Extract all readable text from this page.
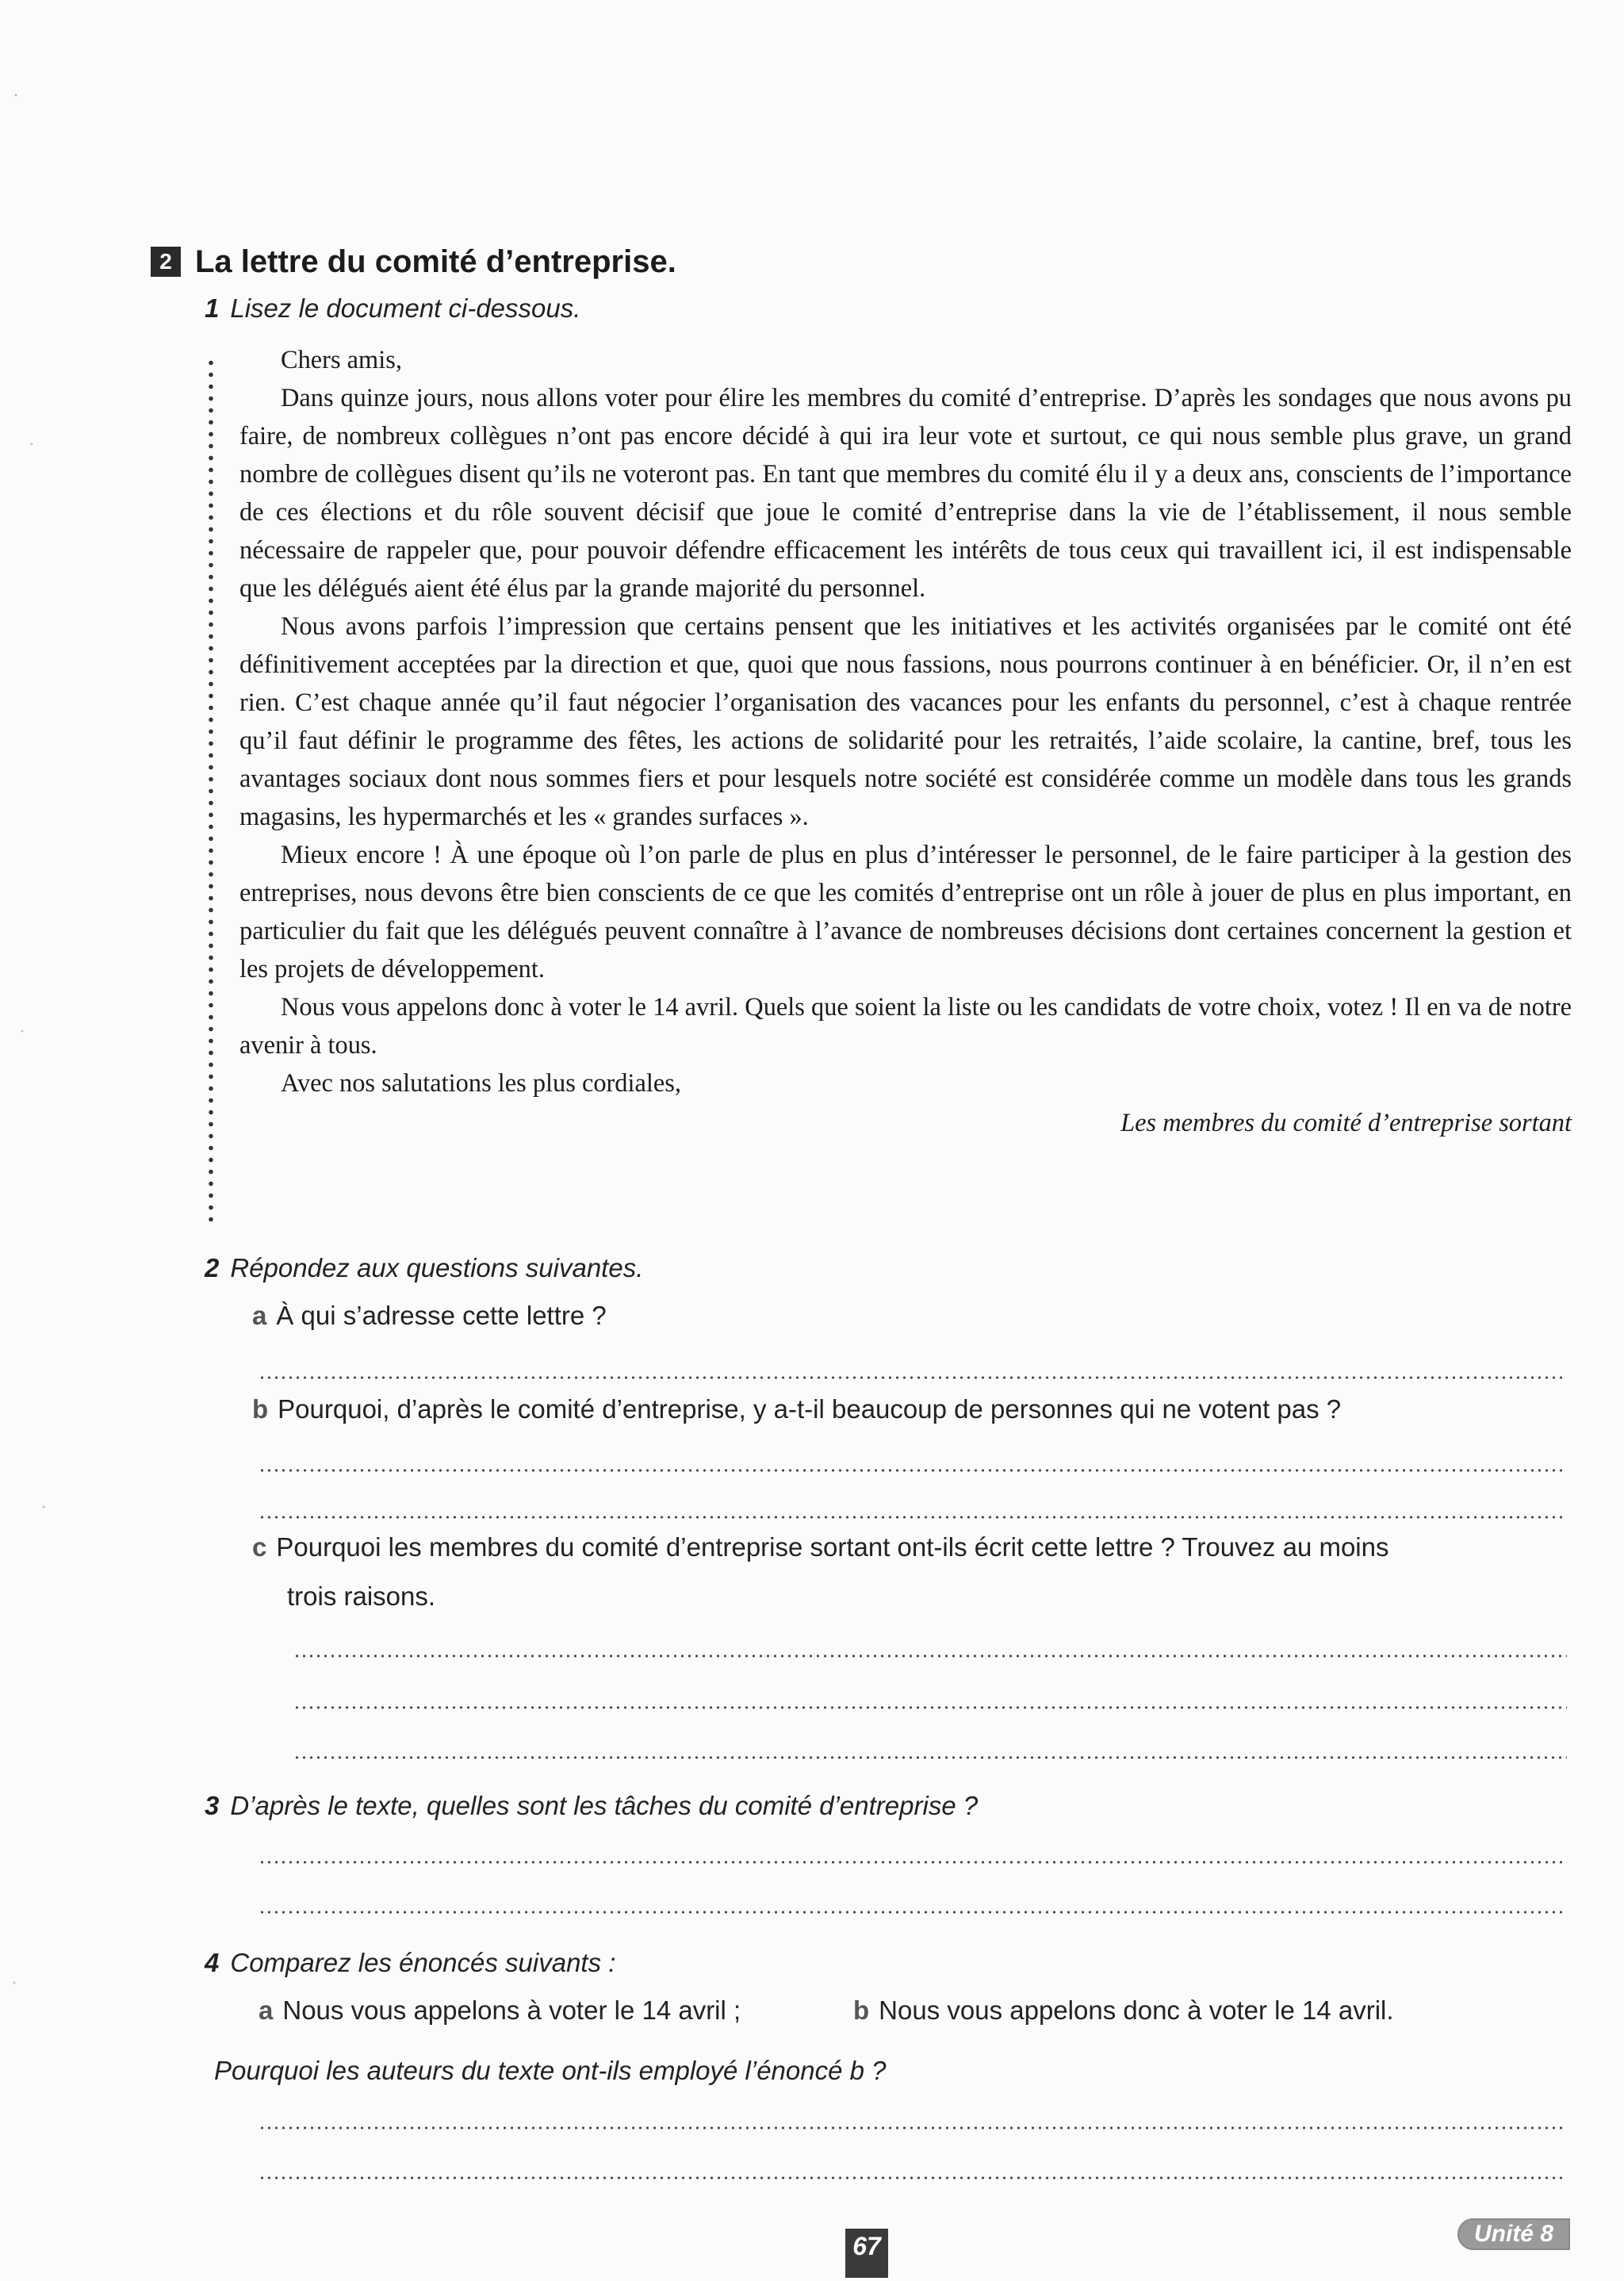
2 La lettre du comité d’entreprise.
1 Lisez le document ci-dessous.

Chers amis,

Dans quinze jours, nous allons voter pour élire les membres du comité d’entreprise. D’après les sondages que nous avons pu faire, de nombreux collègues n’ont pas encore décidé à qui ira leur vote et surtout, ce qui nous semble plus grave, un grand nombre de collègues disent qu’ils ne voteront pas. En tant que membres du comité élu il y a deux ans, conscients de l’importance de ces élections et du rôle souvent décisif que joue le comité d’entreprise dans la vie de l’établissement, il nous semble nécessaire de rappeler que, pour pouvoir défendre efficacement les intérêts de tous ceux qui travaillent ici, il est indispensable que les délégués aient été élus par la grande majorité du personnel.

Nous avons parfois l’impression que certains pensent que les initiatives et les activités organisées par le comité ont été définitivement acceptées par la direction et que, quoi que nous fassions, nous pourrons continuer à en bénéficier. Or, il n’en est rien. C’est chaque année qu’il faut négocier l’organisation des vacances pour les enfants du personnel, c’est à chaque rentrée qu’il faut définir le programme des fêtes, les actions de solidarité pour les retraités, l’aide scolaire, la cantine, bref, tous les avantages sociaux dont nous sommes fiers et pour lesquels notre société est considérée comme un modèle dans tous les grands magasins, les hypermarchés et les « grandes surfaces ».

Mieux encore ! À une époque où l’on parle de plus en plus d’intéresser le personnel, de le faire participer à la gestion des entreprises, nous devons être bien conscients de ce que les comités d’entreprise ont un rôle à jouer de plus en plus important, en particulier du fait que les délégués peuvent connaître à l’avance de nombreuses décisions dont certaines concernent la gestion et les projets de développement.

Nous vous appelons donc à voter le 14 avril. Quels que soient la liste ou les candidats de votre choix, votez ! Il en va de notre avenir à tous.

Avec nos salutations les plus cordiales,

Les membres du comité d’entreprise sortant

2 Répondez aux questions suivantes.
a À qui s’adresse cette lettre ?
b Pourquoi, d’après le comité d’entreprise, y a-t-il beaucoup de personnes qui ne votent pas ?
c Pourquoi les membres du comité d’entreprise sortant ont-ils écrit cette lettre ? Trouvez au moins
trois raisons.
3 D’après le texte, quelles sont les tâches du comité d’entreprise ?
4 Comparez les énoncés suivants :
a Nous vous appelons à voter le 14 avril ;	b Nous vous appelons donc à voter le 14 avril.
Pourquoi les auteurs du texte ont-ils employé l’énoncé b ?
67	Unité 8
